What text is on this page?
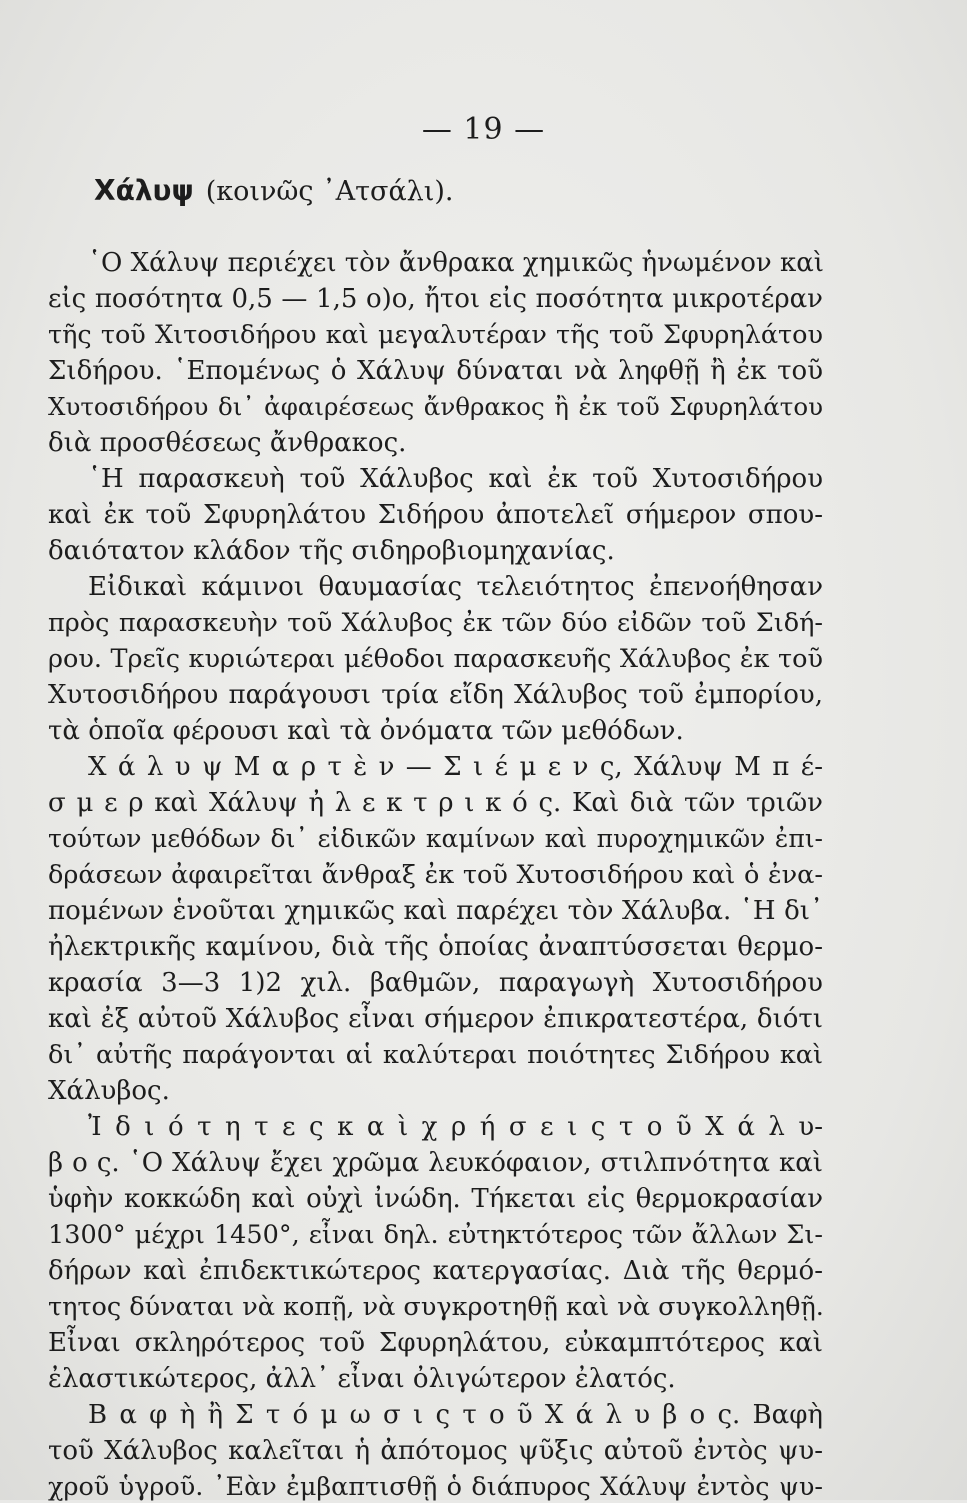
— 19 —
Χάλυψ (κοινῶς ᾿Ατσάλι).
῾Ο Χάλυψ περιέχει τὸν ἄνθρακα χημικῶς ἡνωμένον καὶ
εἰς ποσότητα 0,5 — 1,5 ο)ο, ἤτοι εἰς ποσότητα μικροτέραν
τῆς τοῦ Χιτοσιδήρου καὶ μεγαλυτέραν τῆς τοῦ Σφυρηλάτου
Σιδήρου. ῾Επομένως ὁ Χάλυψ δύναται νὰ ληφθῇ ἢ ἐκ τοῦ
Χυτοσιδήρου δι᾿ ἀφαιρέσεως ἄνθρακος ἢ ἐκ τοῦ Σφυρηλάτου
διὰ προσθέσεως ἄνθρακος.
῾Η παρασκευὴ τοῦ Χάλυβος καὶ ἐκ τοῦ Χυτοσιδήρου
καὶ ἐκ τοῦ Σφυρηλάτου Σιδήρου ἀποτελεῖ σήμερον σπου-
δαιότατον κλάδον τῆς σιδηροβιομηχανίας.
Εἰδικαὶ κάμινοι θαυμασίας τελειότητος ἐπενοήθησαν
πρὸς παρασκευὴν τοῦ Χάλυβος ἐκ τῶν δύο εἰδῶν τοῦ Σιδή-
ρου. Τρεῖς κυριώτεραι μέθοδοι παρασκευῆς Χάλυβος ἐκ τοῦ
Χυτοσιδήρου παράγουσι τρία εἴδη Χάλυβος τοῦ ἐμπορίου,
τὰ ὁποῖα φέρουσι καὶ τὰ ὀνόματα τῶν μεθόδων.
Χ ά λ υ ψ Μ α ρ τ ὲ ν — Σ ι έ μ ε ν ς, Χάλυψ Μ π έ-
σ μ ε ρ καὶ Χάλυψ ἠ λ ε κ τ ρ ι κ ό ς. Καὶ διὰ τῶν τριῶν
τούτων μεθόδων δι᾿ εἰδικῶν καμίνων καὶ πυροχημικῶν ἐπι-
δράσεων ἀφαιρεῖται ἄνθραξ ἐκ τοῦ Χυτοσιδήρου καὶ ὁ ἐνα-
πομένων ἑνοῦται χημικῶς καὶ παρέχει τὸν Χάλυβα. ῾Η δι᾿
ἠλεκτρικῆς καμίνου, διὰ τῆς ὁποίας ἀναπτύσσεται θερμο-
κρασία 3—3 1)2 χιλ. βαθμῶν, παραγωγὴ Χυτοσιδήρου
καὶ ἐξ αὐτοῦ Χάλυβος εἶναι σήμερον ἐπικρατεστέρα, διότι
δι᾿ αὐτῆς παράγονται αἱ καλύτεραι ποιότητες Σιδήρου καὶ
Χάλυβος.
Ἰ δ ι ό τ η τ ε ς κ α ὶ χ ρ ή σ ε ι ς τ ο ῦ Χ ά λ υ-
β ο ς. ῾Ο Χάλυψ ἔχει χρῶμα λευκόφαιον, στιλπνότητα καὶ
ὑφὴν κοκκώδη καὶ οὐχὶ ἰνώδη. Τήκεται εἰς θερμοκρασίαν
1300° μέχρι 1450°, εἶναι δηλ. εὐτηκτότερος τῶν ἄλλων Σι-
δήρων καὶ ἐπιδεκτικώτερος κατεργασίας. Διὰ τῆς θερμό-
τητος δύναται νὰ κοπῇ, νὰ συγκροτηθῇ καὶ νὰ συγκολληθῇ.
Εἶναι σκληρότερος τοῦ Σφυρηλάτου, εὐκαμπτότερος καὶ
ἐλαστικώτερος, ἀλλ᾿ εἶναι ὀλιγώτερον ἐλατός.
Β α φ ὴ ἢ Σ τ ό μ ω σ ι ς τ ο ῦ Χ ά λ υ β ο ς. Βαφὴ
τοῦ Χάλυβος καλεῖται ἡ ἀπότομος ψῦξις αὐτοῦ ἐντὸς ψυ-
χροῦ ὑγροῦ. ᾿Εὰν ἐμβαπτισθῇ ὁ διάπυρος Χάλυψ ἐντὸς ψυ-
